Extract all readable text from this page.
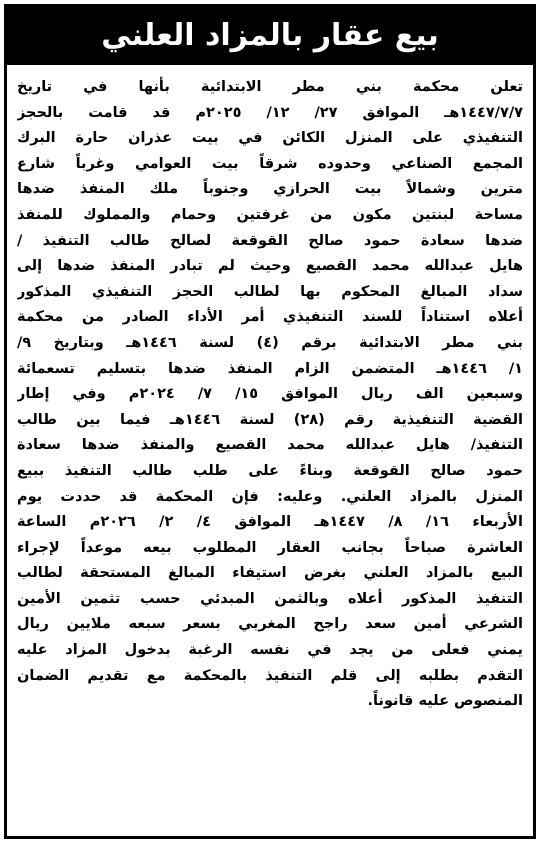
بيع عقار بالمزاد العلني
تعلن محكمة بني مطر الابتدائية بأنها في تاريخ
١٤٤٧/٧/٧هـ الموافق ٢٧/ ١٢/ ٢٠٢٥م قد قامت بالحجز
التنفيذي على المنزل الكائن في بيت عذران حارة البرك
المجمع الصناعي وحدوده شرقاً بيت العوامي وغرباً شارع
مترين وشمالاً بيت الحرازي وجنوباً ملك المنفذ ضدها
مساحة لبنتين مكون من غرفتين وحمام والمملوك للمنفذ
ضدها سعادة حمود صالح القوقعة لصالح طالب التنفيذ /
هايل عبدالله محمد القصيع وحيث لم تبادر المنفذ ضدها إلى
سداد المبالغ المحكوم بها لطالب الحجز التنفيذي المذكور
أعلاه استناداً للسند التنفيذي أمر الأداء الصادر من محكمة
بني مطر الابتدائية برقم (٤) لسنة ١٤٤٦هـ وبتاريخ ٩/
١/ ١٤٤٦هـ المتضمن الزام المنفذ ضدها بتسليم تسعمائة
وسبعين الف ريال الموافق ١٥/ ٧/ ٢٠٢٤م وفي إطار
القضية التنفيذية رقم (٢٨) لسنة ١٤٤٦هـ فيما بين طالب
التنفيذ/ هايل عبدالله محمد القصيع والمنفذ ضدها سعادة
حمود صالح القوقعة وبناءً على طلب طالب التنفيذ ببيع
المنزل بالمزاد العلني. وعليه: فإن المحكمة قد حددت يوم
الأربعاء ١٦/ ٨/ ١٤٤٧هـ الموافق ٤/ ٢/ ٢٠٢٦م الساعة
العاشرة صباحاً بجانب العقار المطلوب بيعه موعداً لإجراء
البيع بالمزاد العلني بغرض استيفاء المبالغ المستحقة لطالب
التنفيذ المذكور أعلاه وبالثمن المبدئي حسب تثمين الأمين
الشرعي أمين سعد راجح المغربي بسعر سبعه ملايين ريال
يمني فعلى من يجد في نفسه الرغبة بدخول المزاد عليه
التقدم بطلبه إلى قلم التنفيذ بالمحكمة مع تقديم الضمان
المنصوص عليه قانوناً.
